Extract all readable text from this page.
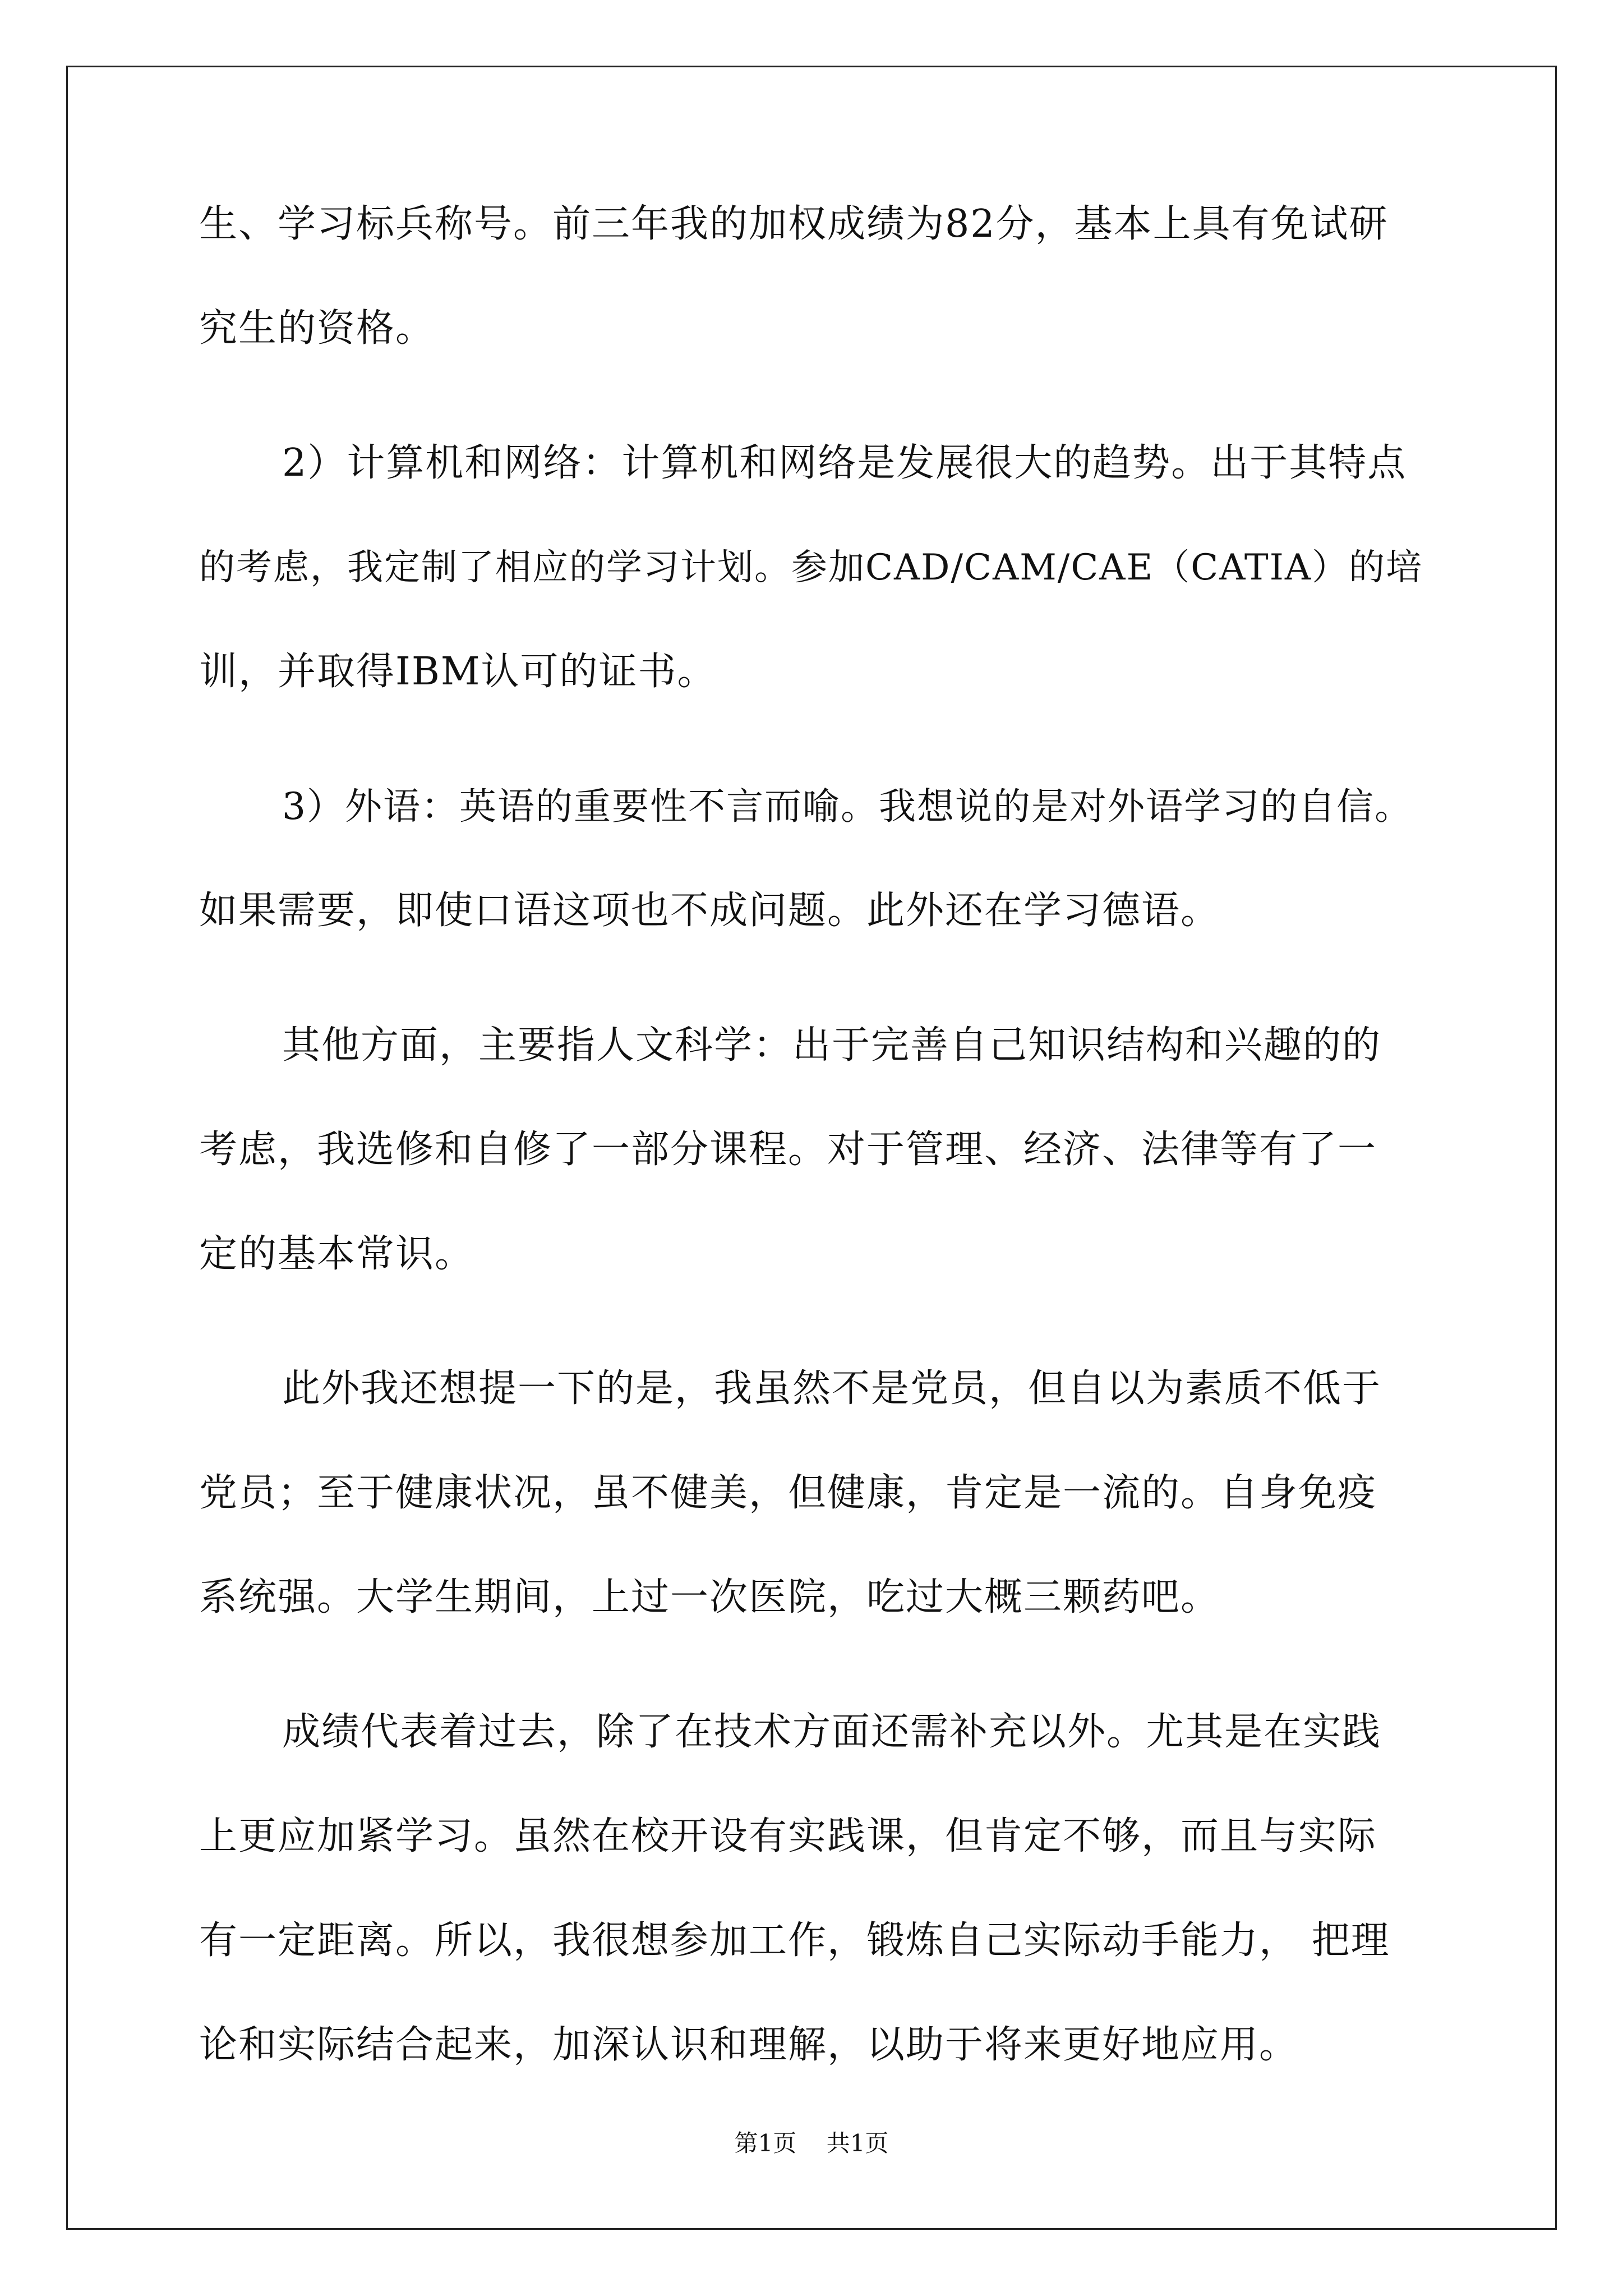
生、学习标兵称号。前三年我的加权成绩为82分，基本上具有免试研
究生的资格。
2）计算机和网络：计算机和网络是发展很大的趋势。出于其特点
的考虑，我定制了相应的学习计划。参加CAD/CAM/CAE（CATIA）的培
训，并取得IBM认可的证书。
3）外语：英语的重要性不言而喻。我想说的是对外语学习的自信。
如果需要，即使口语这项也不成问题。此外还在学习德语。
其他方面，主要指人文科学：出于完善自己知识结构和兴趣的的
考虑，我选修和自修了一部分课程。对于管理、经济、法律等有了一
定的基本常识。
此外我还想提一下的是，我虽然不是党员，但自以为素质不低于
党员；至于健康状况，虽不健美，但健康，肯定是一流的。自身免疫
系统强。大学生期间，上过一次医院，吃过大概三颗药吧。
成绩代表着过去，除了在技术方面还需补充以外。尤其是在实践
上更应加紧学习。虽然在校开设有实践课，但肯定不够，而且与实际
有一定距离。所以，我很想参加工作，锻炼自己实际动手能力， 把理
论和实际结合起来，加深认识和理解，以助于将来更好地应用。
第1页 共1页
